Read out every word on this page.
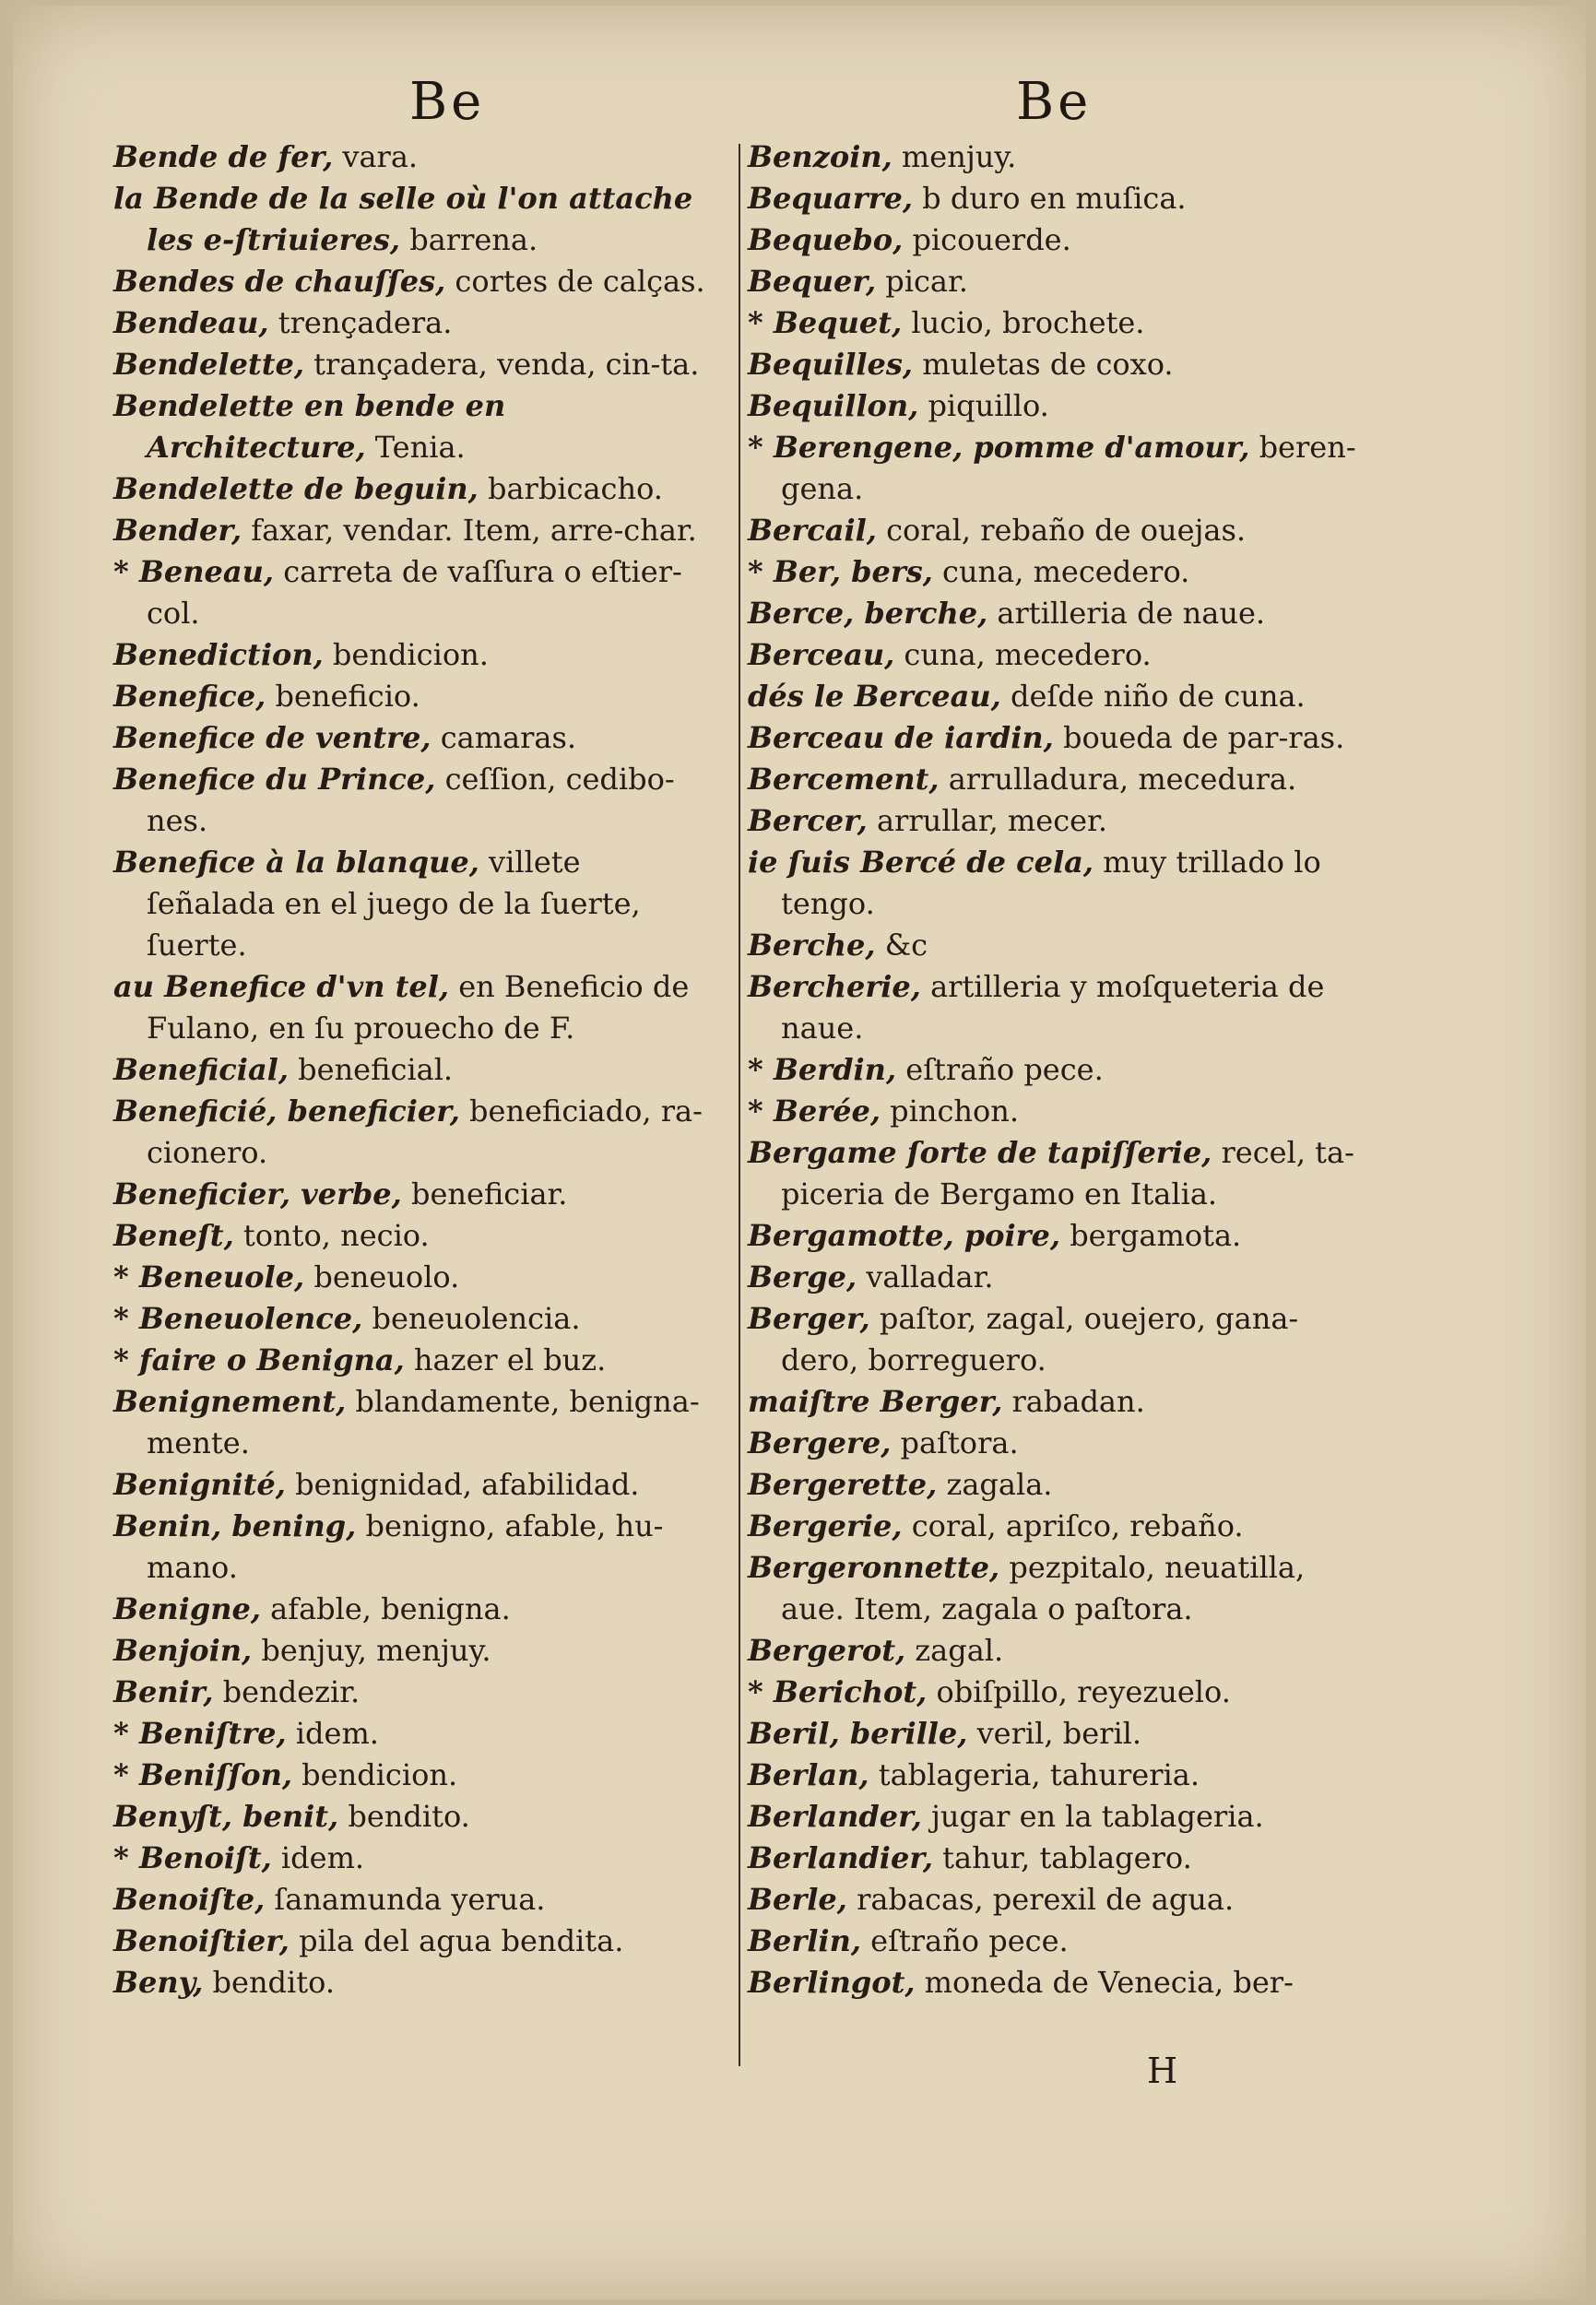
Be
Bende de fer, vara.
la Bende de la selle où l'on attache les e-ſtriuieres, barrena.
Bendes de chauſſes, cortes de calças.
Bendeau, trençadera.
Bendelette, trançadera, venda, cin-ta.
Bendelette en bende en Architecture, Tenia.
Bendelette de beguin, barbicacho.
Bender, faxar, vendar. Item, arre-char.
* Beneau, carreta de vaſſura o eſtier-col.
Benediction, bendicion.
Benefice, beneficio.
Benefice de ventre, camaras.
Benefice du Prince, ceſſion, cedibo-nes.
Benefice à la blanque, villete ſeñalada en el juego de la ſuerte, ſuerte.
au Benefice d'vn tel, en Beneficio de Fulano, en ſu prouecho de F.
Beneficial, beneficial.
Beneficié, beneficier, beneficiado, ra-cionero.
Beneficier, verbe, beneficiar.
Beneſt, tonto, necio.
* Beneuole, beneuolo.
* Beneuolence, beneuolencia.
* faire o Benigna, hazer el buz.
Benignement, blandamente, benigna-mente.
Benignité, benignidad, afabilidad.
Benin, bening, benigno, afable, hu-mano.
Benigne, afable, benigna.
Benjoin, benjuy, menjuy.
Benir, bendezir.
* Beniſtre, idem.
* Beniſſon, bendicion.
Benyſt, benit, bendito.
* Benoiſt, idem.
Benoiſte, ſanamunda yerua.
Benoiſtier, pila del agua bendita.
Beny, bendito.
Be
Benzoin, menjuy.
Bequarre, b duro en muſica.
Bequebo, picouerde.
Bequer, picar.
* Bequet, lucio, brochete.
Bequilles, muletas de coxo.
Bequillon, piquillo.
* Berengene, pomme d'amour, beren-gena.
Bercail, coral, rebaño de ouejas.
* Ber, bers, cuna, mecedero.
Berce, berche, artilleria de naue.
Berceau, cuna, mecedero.
dés le Berceau, deſde niño de cuna.
Berceau de iardin, boueda de par-ras.
Bercement, arrulladura, mecedura.
Bercer, arrullar, mecer.
ie ſuis Bercé de cela, muy trillado lo tengo.
Berche, &c
Bercherie, artilleria y moſqueteria de naue.
* Berdin, eſtraño pece.
* Berée, pinchon.
Bergame ſorte de tapiſſerie, recel, ta-piceria de Bergamo en Italia.
Bergamotte, poire, bergamota.
Berge, valladar.
Berger, paſtor, zagal, ouejero, gana-dero, borreguero.
maiſtre Berger, rabadan.
Bergere, paſtora.
Bergerette, zagala.
Bergerie, coral, apriſco, rebaño.
Bergeronnette, pezpitalo, neuatilla, aue. Item, zagala o paſtora.
Bergerot, zagal.
* Berichot, obiſpillo, reyezuelo.
Beril, berille, veril, beril.
Berlan, tablageria, tahureria.
Berlander, jugar en la tablageria.
Berlandier, tahur, tablagero.
Berle, rabacas, perexil de agua.
Berlin, eſtraño pece.
Berlingot, moneda de Venecia, ber-
H
